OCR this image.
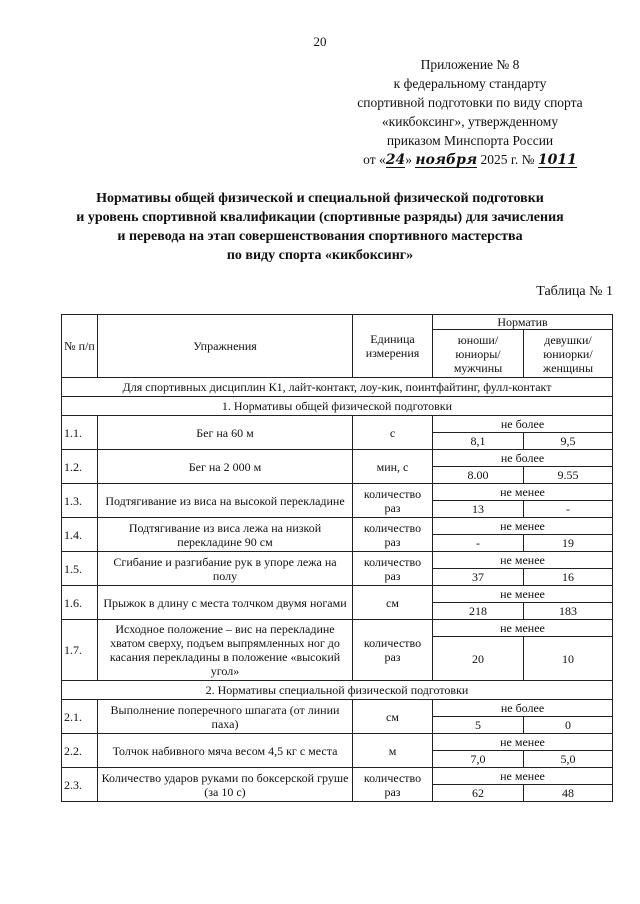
20
Приложение № 8
к федеральному стандарту
спортивной подготовки по виду спорта
«кикбоксинг», утвержденному
приказом Минспорта России
от «24» ноября 2025 г. № 1011
Нормативы общей физической и специальной физической подготовки
и уровень спортивной квалификации (спортивные разряды) для зачисления
и перевода на этап совершенствования спортивного мастерства
по виду спорта «кикбоксинг»
Таблица № 1
№ п/п	Упражнения	Единица измерения	Норматив	
			юноши/ юниоры/ мужчины	девушки/ юниорки/ женщины
Для спортивных дисциплин К1, лайт-контакт, лоу-кик, поинтфайтинг, фулл-контакт				
1. Нормативы общей физической подготовки				
1.1.	Бег на 60 м	с	не более	
			8,1	9,5
1.2.	Бег на 2 000 м	мин, с	не более	
			8.00	9.55
1.3.	Подтягивание из виса на высокой перекладине	количество раз	не менее	
			13	-
1.4.	Подтягивание из виса лежа на низкой перекладине 90 см	количество раз	не менее	
			-	19
1.5.	Сгибание и разгибание рук в упоре лежа на полу	количество раз	не менее	
			37	16
1.6.	Прыжок в длину с места толчком двумя ногами	см	не менее	
			218	183
1.7.	Исходное положение – вис на перекладине хватом сверху, подъем выпрямленных ног до касания перекладины в положение «высокий угол»	количество раз	не менее	
			20	10
2. Нормативы специальной физической подготовки				
2.1.	Выполнение поперечного шпагата (от линии паха)	см	не более	
			5	0
2.2.	Толчок набивного мяча весом 4,5 кг с места	м	не менее	
			7,0	5,0
2.3.	Количество ударов руками по боксерской груше (за 10 с)	количество раз	не менее	
			62	48
